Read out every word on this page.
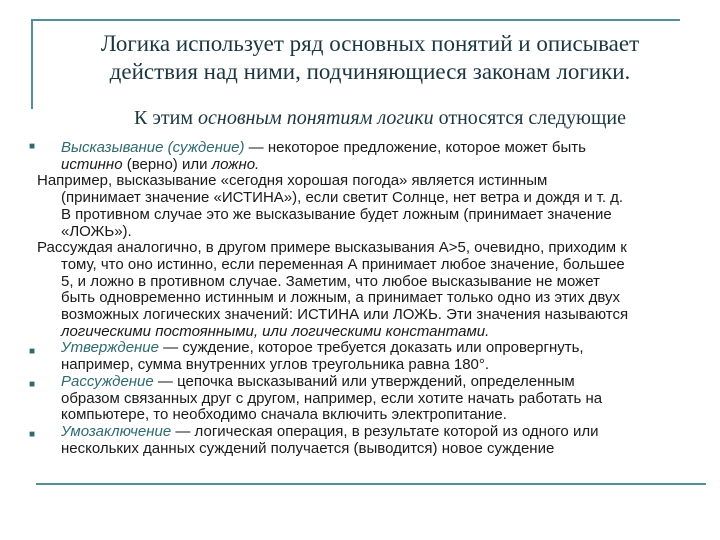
Логика использует ряд основных понятий и описывает
действия над ними, подчиняющиеся законам логики.

К этим основным понятиям логики относятся следующие

■

Высказывание (суждение) — некоторое предложение, которое может быть

истинно (верно) или ложно.

Например, высказывание «сегодня хорошая погода» является истинным

(принимает значение «ИСТИНА»), если светит Солнце, нет ветра и дождя и т. д.

В противном случае это же высказывание будет ложным (принимает значение

«ЛОЖЬ»).

Рассуждая аналогично, в другом примере высказывания А>5, очевидно, приходим к

тому, что оно истинно, если переменная А принимает любое значение, большее

5, и ложно в противном случае. Заметим, что любое высказывание не может

быть одновременно истинным и ложным, а принимает только одно из этих двух

возможных логических значений: ИСТИНА или ЛОЖЬ. Эти значения называются

логическими постоянными, или логическими константами.

■

Утверждение — суждение, которое требуется доказать или опровергнуть,

например, сумма внутренних углов треугольника равна 180°.

■

Рассуждение — цепочка высказываний или утверждений, определенным

образом связанных друг с другом, например, если хотите начать работать на

компьютере, то необходимо сначала включить электропитание.

■

Умозаключение — логическая операция, в результате которой из одного или

нескольких данных суждений получается (выводится) новое суждение
